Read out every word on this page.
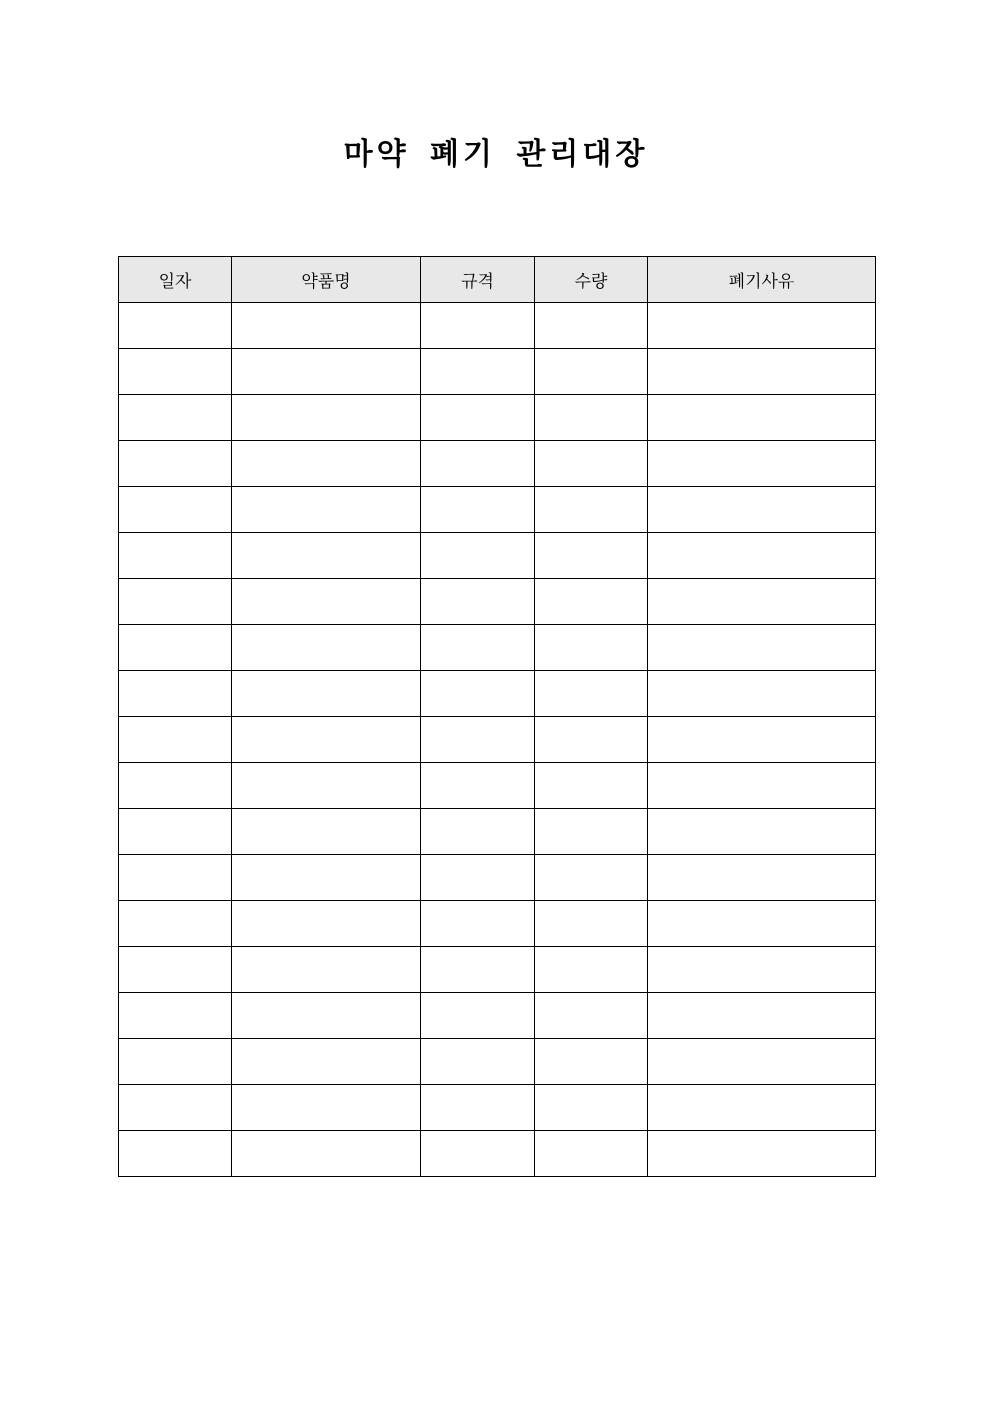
마약 폐기 관리대장
일자	약품명	규격	수량	폐기사유
